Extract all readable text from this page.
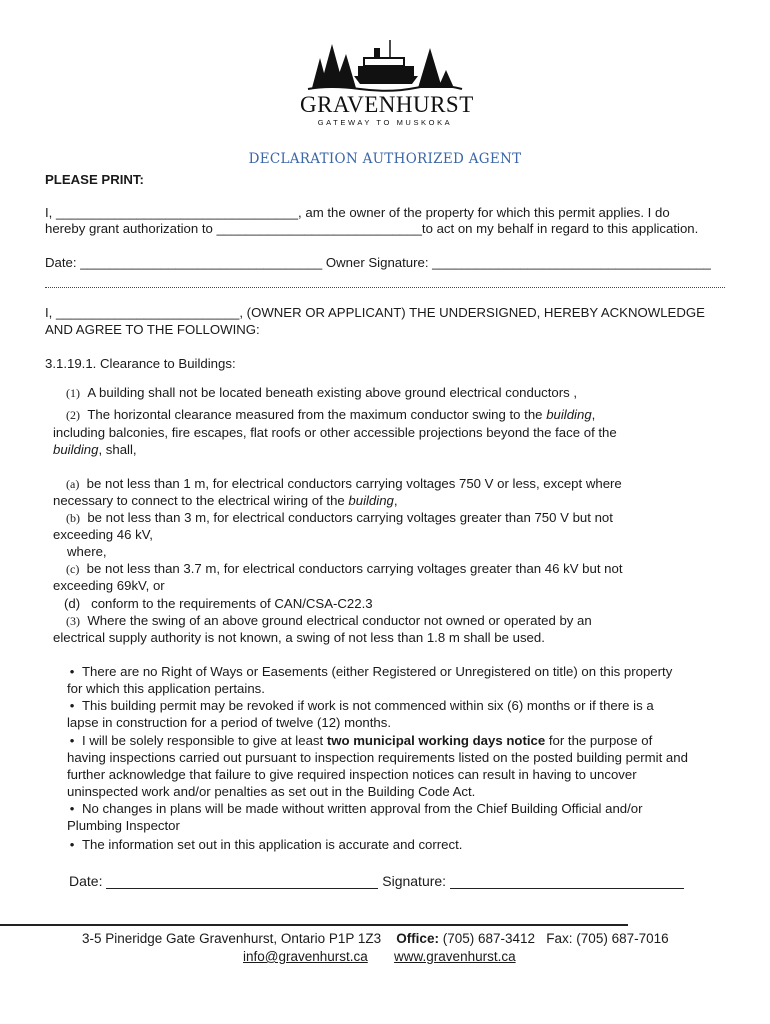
GRAVENHURST
GATEWAY TO MUSKOKA
DECLARATION AUTHORIZED AGENT
PLEASE PRINT:
I, _________________________________, am the owner of the property for which this permit applies. I do
hereby grant authorization to ____________________________to act on my behalf in regard to this application.
Date: _________________________________ Owner Signature: ______________________________________
I, _________________________, (OWNER OR APPLICANT) THE UNDERSIGNED, HEREBY ACKNOWLEDGE
AND AGREE TO THE FOLLOWING:
3.1.19.1. Clearance to Buildings:
(1) A building shall not be located beneath existing above ground electrical conductors ,
(2) The horizontal clearance measured from the maximum conductor swing to the building,
including balconies, fire escapes, flat roofs or other accessible projections beyond the face of the
building, shall,
(a) be not less than 1 m, for electrical conductors carrying voltages 750 V or less, except where
necessary to connect to the electrical wiring of the building,
(b) be not less than 3 m, for electrical conductors carrying voltages greater than 750 V but not
exceeding 46 kV,
where,
(c) be not less than 3.7 m, for electrical conductors carrying voltages greater than 46 kV but not
exceeding 69kV, or
(d) conform to the requirements of CAN/CSA-C22.3
(3) Where the swing of an above ground electrical conductor not owned or operated by an
electrical supply authority is not known, a swing of not less than 1.8 m shall be used.
• There are no Right of Ways or Easements (either Registered or Unregistered on title) on this property
for which this application pertains.
• This building permit may be revoked if work is not commenced within six (6) months or if there is a
lapse in construction for a period of twelve (12) months.
• I will be solely responsible to give at least two municipal working days notice for the purpose of
having inspections carried out pursuant to inspection requirements listed on the posted building permit and
further acknowledge that failure to give required inspection notices can result in having to uncover
uninspected work and/or penalties as set out in the Building Code Act.
• No changes in plans will be made without written approval from the Chief Building Official and/or
Plumbing Inspector
• The information set out in this application is accurate and correct.
Date:	Signature:
3-5 Pineridge Gate Gravenhurst, Ontario P1P 1Z3 Office: (705) 687-3412 Fax: (705) 687-7016
info@gravenhurst.ca www.gravenhurst.ca
